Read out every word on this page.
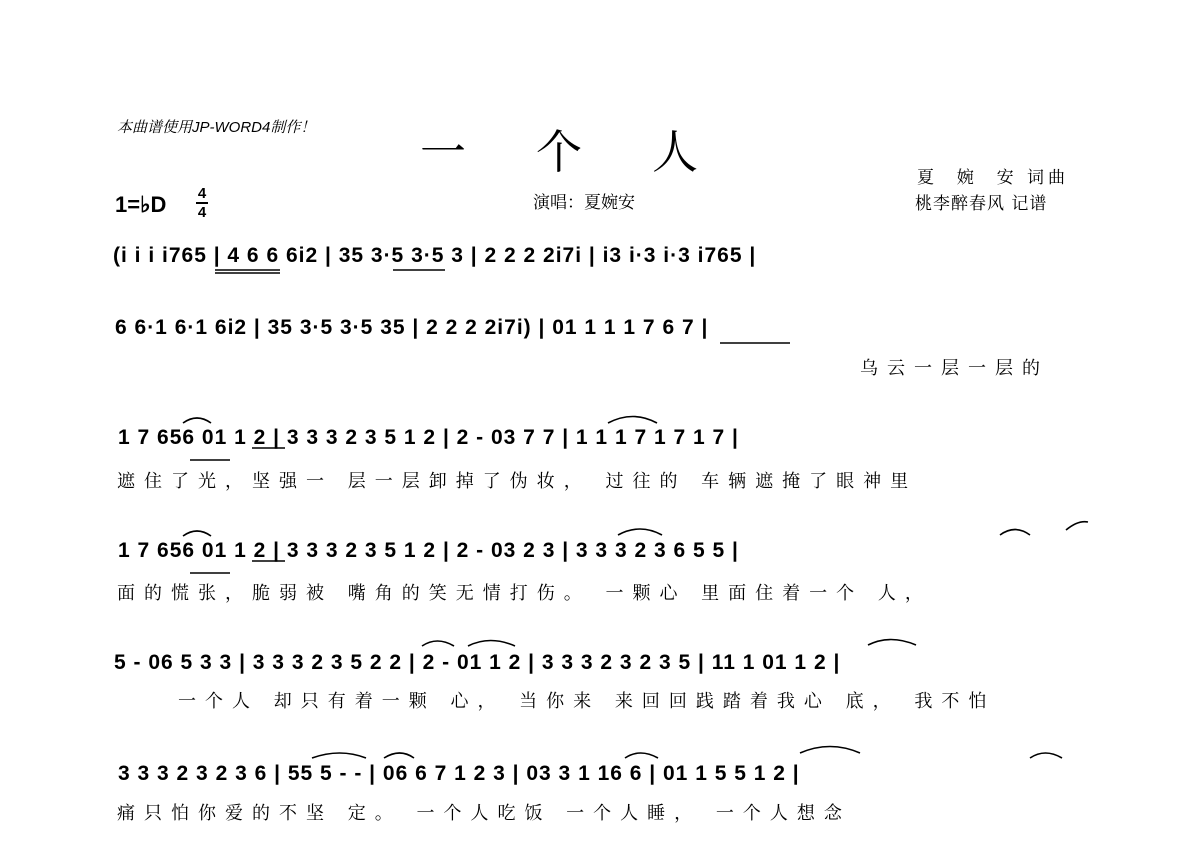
本曲谱使用JP-WORD4制作！ 一个人	夏  婉  安 词曲
桃李醉春风 记谱
演唱：夏婉安
1=♭D 4
4
(i i i i765 | 4 6 6 6i2 | 35 3·5 3·5 3 | 2 2 2 2i7i | i3 i·3 i·3 i765 |
6 6·1 6·1 6i2 | 35 3·5 3·5 35 | 2 2 2 2i7i) | 01 1 1 1 7 6 7 |
乌云一层一层的
1 7 656 01 1 2 | 3 3 3 2 3 5 1 2 | 2 - 03 7 7 | 1 1 1 7 1 7 1 7 |
遮住了光，坚强一 层一层卸掉了伪妆， 过往的 车辆遮掩了眼神里
1 7 656 01 1 2 | 3 3 3 2 3 5 1 2 | 2 - 03 2 3 | 3 3 3 2 3 6 5 5 |
面的慌张，脆弱被 嘴角的笑无情打伤。 一颗心 里面住着一个 人，
5 - 06 5 3 3 | 3 3 3 2 3 5 2 2 | 2 - 01 1 2 | 3 3 3 2 3 2 3 5 | 11 1 01 1 2 |
一个人 却只有着一颗 心， 当你来 来回回践踏着我心 底， 我不怕
3 3 3 2 3 2 3 6 | 55 5 - - | 06 6 7 1 2 3 | 03 3 1 16 6 | 01 1 5 5 1 2 |
痛只怕你爱的不坚 定。 一个人吃饭 一个人睡， 一个人想念
